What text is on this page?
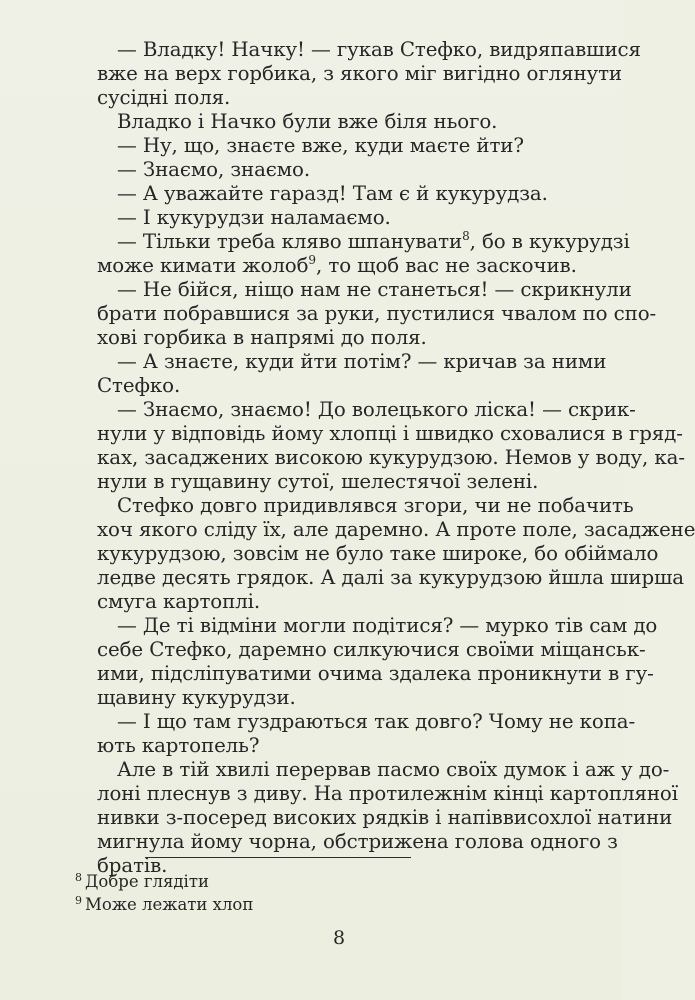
— Владку! Начку! — гукав Стефко, видряпавшися
вже на верх горбика, з якого міг вигідно оглянути
сусідні поля.
Владко і Начко були вже біля нього.
— Ну, що, знаєте вже, куди маєте йти?
— Знаємо, знаємо.
— А уважайте гаразд! Там є й кукурудза.
— І кукурудзи наламаємо.
— Тільки треба кляво шпанувати$^8$, бо в кукурудзі
може кимати жолоб$^9$, то щоб вас не заскочив.
— Не бійся, ніщо нам не станеться! — скрикнули
брати побравшися за руки, пустилися чвалом по спо-
хові горбика в напрямі до поля.
— А знаєте, куди йти потім? — кричав за ними
Стефко.
— Знаємо, знаємо! До волецького ліска! — скрик-
нули у відповідь йому хлопці і швидко сховалися в гряд-
ках, засаджених високою кукурудзою. Немов у воду, ка-
нули в гущавину сутої, шелестячої зелені.
Стефко довго придивлявся згори, чи не побачить
хоч якого сліду їх, але даремно. А проте поле, засаджене
кукурудзою, зовсім не було таке широке, бо обіймало
ледве десять грядок. А далі за кукурудзою йшла ширша
смуга картоплі.
— Де ті відміни могли подітися? — мурко тів сам до
себе Стефко, даремно силкуючися своїми міщанськ-
ими, підсліпуватими очима здалека проникнути в гу-
щавину кукурудзи.
— І що там гуздраються так довго? Чому не копа-
ють картопель?
Але в тій хвилі перервав пасмо своїх думок і аж у до-
лоні плеснув з диву. На протилежнім кінці картопляної
нивки з-посеред високих рядків і напіввисохлої натини
мигнула йому чорна, обстрижена голова одного з
братів.
$^8$ Добре глядіти
$^9$ Може лежати хлоп
8
